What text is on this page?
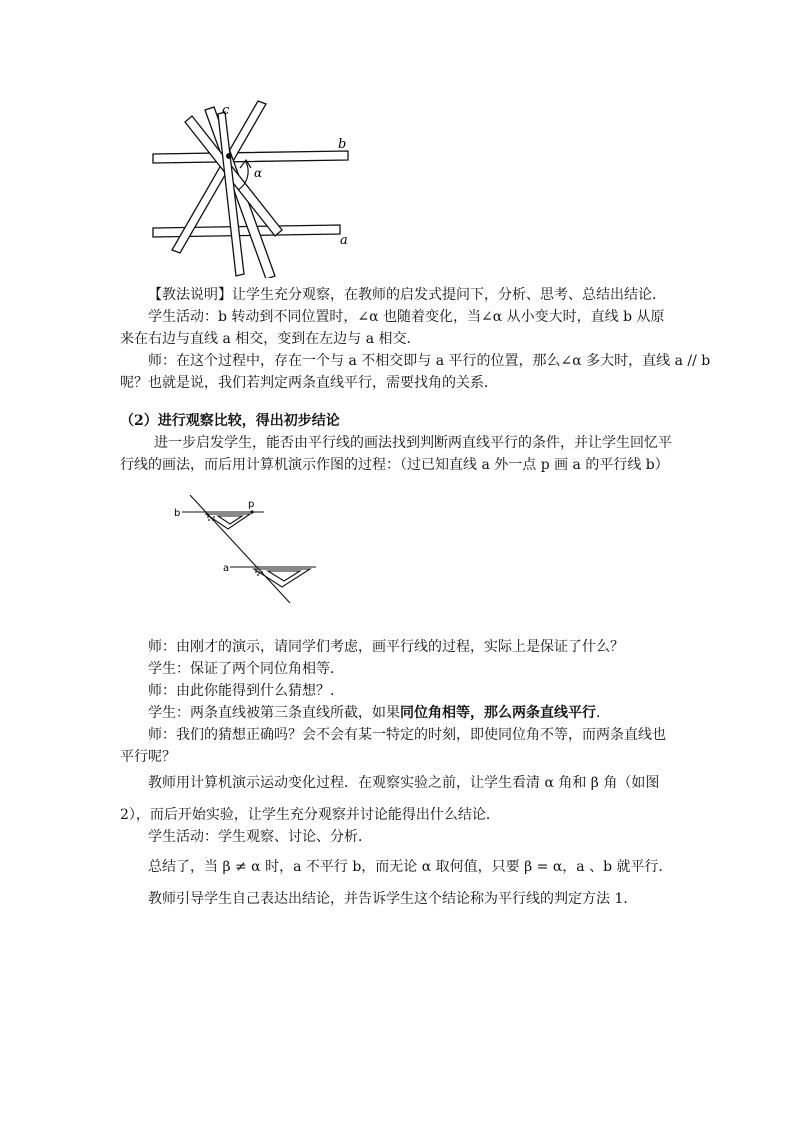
c
b
α
a
【教法说明】让学生充分观察，在教师的启发式提问下，分析、思考、总结出结论．
学生活动：b 转动到不同位置时，∠α 也随着变化，当∠α 从小变大时，直线 b 从原
来在右边与直线 a 相交，变到在左边与 a 相交．
师：在这个过程中，存在一个与 a 不相交即与 a 平行的位置，那么∠α 多大时，直线 a // b
呢？也就是说，我们若判定两条直线平行，需要找角的关系．
（2）进行观察比较，得出初步结论
进一步启发学生，能否由平行线的画法找到判断两直线平行的条件，并让学生回忆平
行线的画法，而后用计算机演示作图的过程：（过已知直线 a 外一点 p 画 a 的平行线 b）
b
p
a
师：由刚才的演示，请同学们考虑，画平行线的过程，实际上是保证了什么？
学生：保证了两个同位角相等．
师：由此你能得到什么猜想？．
学生：两条直线被第三条直线所截，如果同位角相等，那么两条直线平行．
师：我们的猜想正确吗？会不会有某一特定的时刻，即使同位角不等，而两条直线也
平行呢？
教师用计算机演示运动变化过程．在观察实验之前，让学生看清 α 角和 β 角（如图
2），而后开始实验，让学生充分观察并讨论能得出什么结论．
学生活动：学生观察、讨论、分析．
总结了，当 β ≠ α 时，a 不平行 b，而无论 α 取何值，只要 β = α，a 、b 就平行．
教师引导学生自己表达出结论，并告诉学生这个结论称为平行线的判定方法 1．
